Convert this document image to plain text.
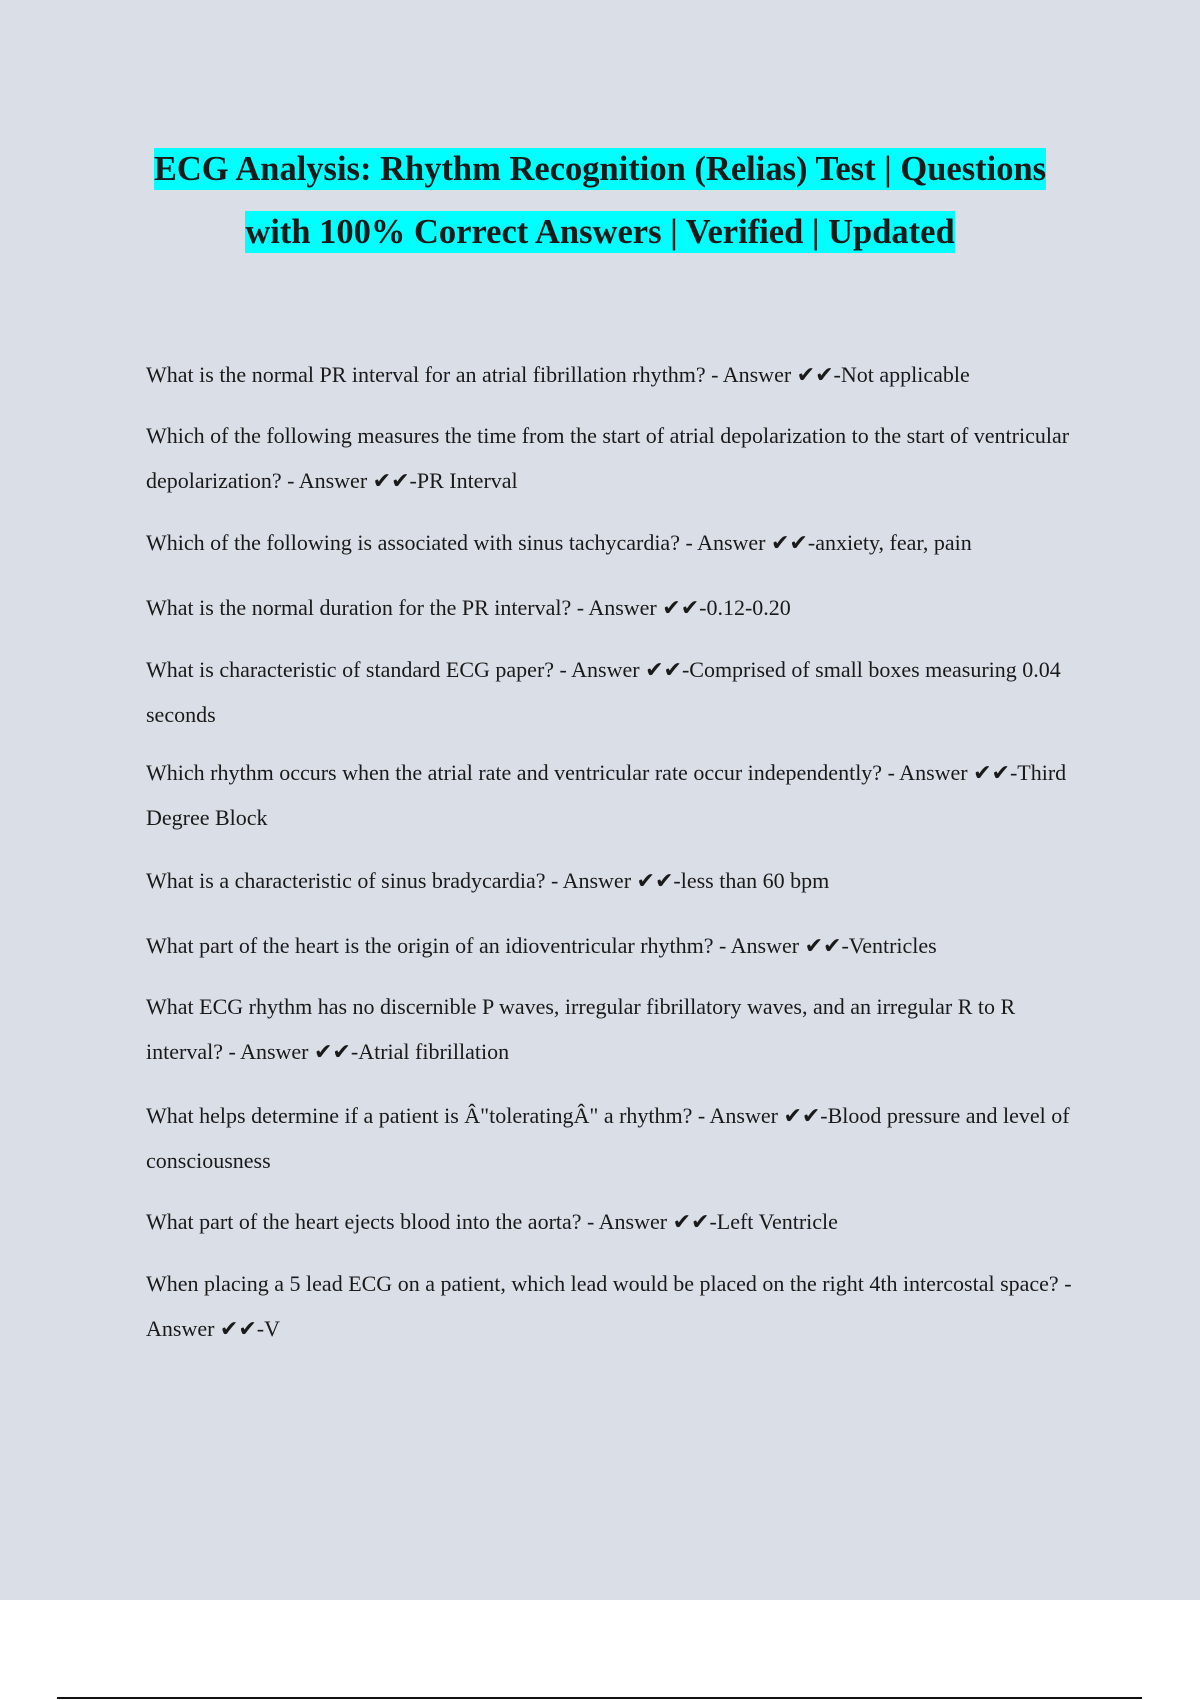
ECG Analysis: Rhythm Recognition (Relias) Test | Questions
with 100% Correct Answers | Verified | Updated

What is the normal PR interval for an atrial fibrillation rhythm? - Answer ✔✔-Not applicable

Which of the following measures the time from the start of atrial depolarization to the start of ventricular depolarization? - Answer ✔✔-PR Interval

Which of the following is associated with sinus tachycardia? - Answer ✔✔-anxiety, fear, pain

What is the normal duration for the PR interval? - Answer ✔✔-0.12-0.20

What is characteristic of standard ECG paper? - Answer ✔✔-Comprised of small boxes measuring 0.04 seconds

Which rhythm occurs when the atrial rate and ventricular rate occur independently? - Answer ✔✔-Third Degree Block

What is a characteristic of sinus bradycardia? - Answer ✔✔-less than 60 bpm

What part of the heart is the origin of an idioventricular rhythm? - Answer ✔✔-Ventricles

What ECG rhythm has no discernible P waves, irregular fibrillatory waves, and an irregular R to R interval? - Answer ✔✔-Atrial fibrillation

What helps determine if a patient is Â"toleratingÂ" a rhythm? - Answer ✔✔-Blood pressure and level of consciousness

What part of the heart ejects blood into the aorta? - Answer ✔✔-Left Ventricle

When placing a 5 lead ECG on a patient, which lead would be placed on the right 4th intercostal space? - Answer ✔✔-V
